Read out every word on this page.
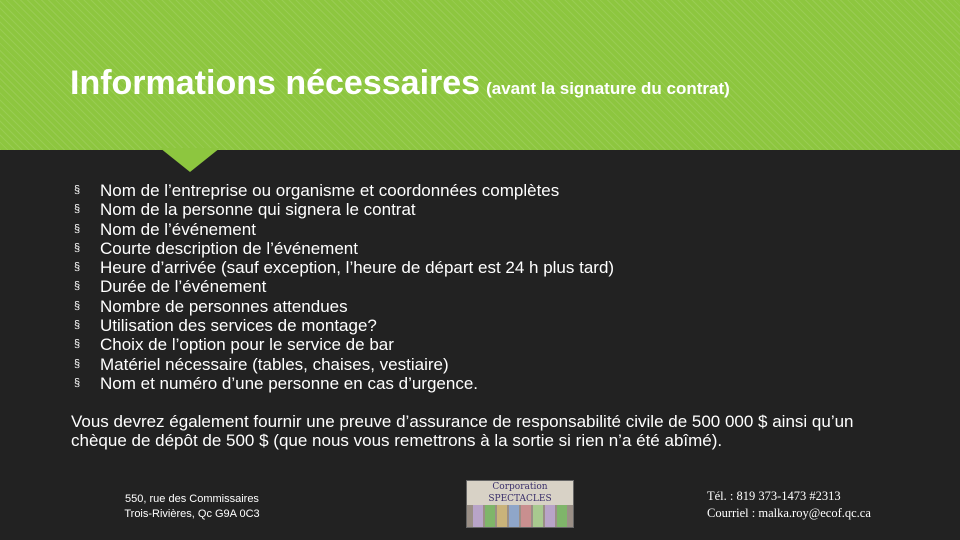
Informations nécessaires (avant la signature du contrat)
§	Nom de l’entreprise ou organisme et coordonnées complètes
§	Nom de la personne qui signera le contrat
§	Nom de l’événement
§	Courte description de l’événement
§	Heure d’arrivée (sauf exception, l’heure de départ est 24 h plus tard)
§	Durée de l’événement
§	Nombre de personnes attendues
§	Utilisation des services de montage?
§	Choix de l’option pour le service de bar
§	Matériel nécessaire (tables, chaises, vestiaire)
§	Nom et numéro d’une personne en cas d’urgence.

Vous devrez également fournir une preuve d’assurance de responsabilité civile de 500 000 $ ainsi qu’un chèque de dépôt de 500 $ (que nous vous remettrons à la sortie si rien n’a été abîmé).

550, rue des Commissaires
Trois-Rivières, Qc G9A 0C3
Corporation SPECTACLES	Tél. : 819 373-1473 #2313
Courriel : malka.roy@ecof.qc.ca
